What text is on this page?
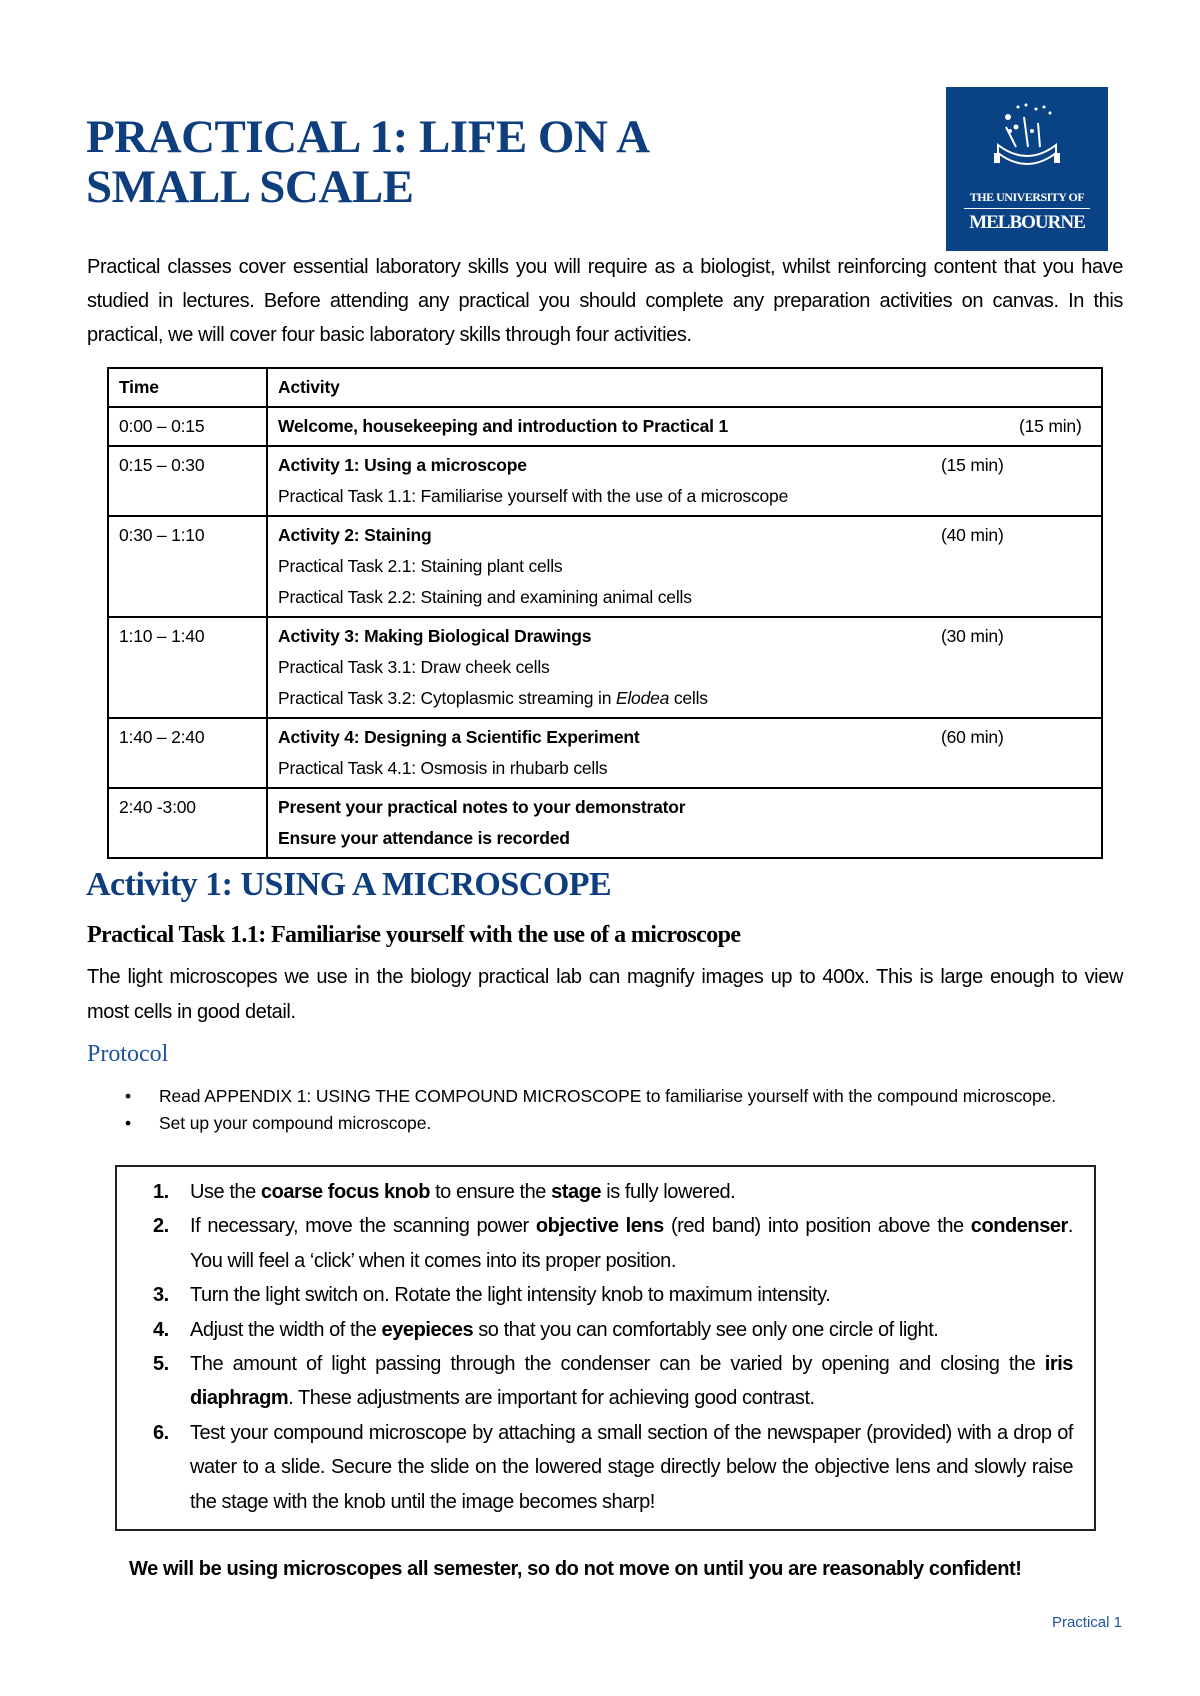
PRACTICAL 1: LIFE ON A
SMALL SCALE	THE UNIVERSITY OF
MELBOURNE
Practical classes cover essential laboratory skills you will require as a biologist, whilst reinforcing content that you have studied in lectures. Before attending any practical you should complete any preparation activities on canvas. In this practical, we will cover four basic laboratory skills through four activities.
Time	Activity
0:00 – 0:15	Welcome, housekeeping and introduction to Practical 1 (15 min)

0:15 – 0:30	Activity 1: Using a microscope (15 min)
Practical Task 1.1: Familiarise yourself with the use of a microscope

0:30 – 1:10	Activity 2: Staining (40 min)
Practical Task 2.1: Staining plant cells
Practical Task 2.2: Staining and examining animal cells

1:10 – 1:40	Activity 3: Making Biological Drawings (30 min)
Practical Task 3.1: Draw cheek cells
Practical Task 3.2: Cytoplasmic streaming in Elodea cells

1:40 – 2:40	Activity 4: Designing a Scientific Experiment (60 min)
Practical Task 4.1: Osmosis in rhubarb cells

2:40 -3:00	Present your practical notes to your demonstrator
Ensure your attendance is recorded
Activity 1: USING A MICROSCOPE
Practical Task 1.1: Familiarise yourself with the use of a microscope
The light microscopes we use in the biology practical lab can magnify images up to 400x. This is large enough to view most cells in good detail.
Protocol
• Read APPENDIX 1: USING THE COMPOUND MICROSCOPE to familiarise yourself with the compound microscope.
• Set up your compound microscope.
1. Use the coarse focus knob to ensure the stage is fully lowered.
2. If necessary, move the scanning power objective lens (red band) into position above the condenser. You will feel a ‘click’ when it comes into its proper position.
3. Turn the light switch on. Rotate the light intensity knob to maximum intensity.
4. Adjust the width of the eyepieces so that you can comfortably see only one circle of light.
5. The amount of light passing through the condenser can be varied by opening and closing the iris diaphragm. These adjustments are important for achieving good contrast.
6. Test your compound microscope by attaching a small section of the newspaper (provided) with a drop of water to a slide. Secure the slide on the lowered stage directly below the objective lens and slowly raise the stage with the knob until the image becomes sharp!
We will be using microscopes all semester, so do not move on until you are reasonably confident!
Practical 1
